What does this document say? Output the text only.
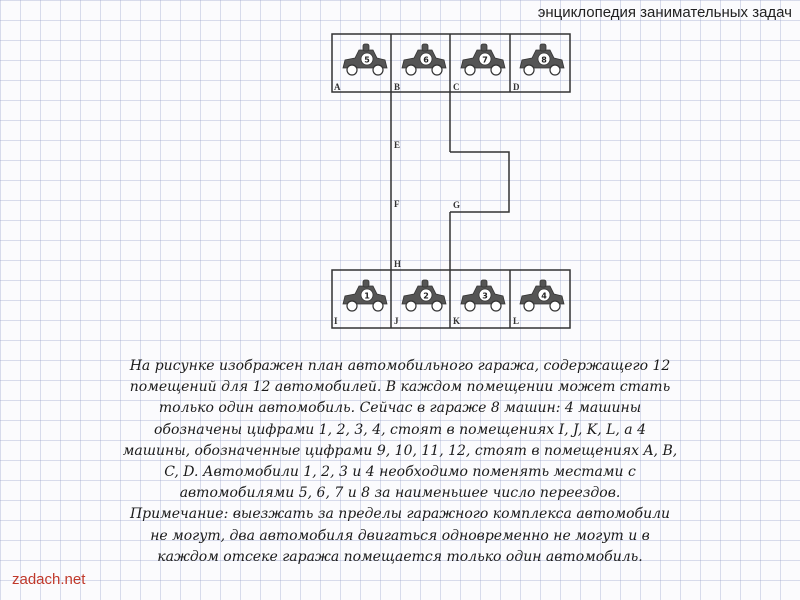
энциклопедия занимательных задач
A	B	C	D
E
F	G
H
I	J	K	L
5	6	7	8
1	2	3	4

На рисунке изображен план автомобильного гаража, содержащего 12 помещений для 12 автомобилей. В каждом помещении может стать только один автомобиль. Сейчас в гараже 8 машин: 4 машины обозначены цифрами 1, 2, 3, 4, стоят в помещениях I, J, K, L, а 4 машины, обозначенные цифрами 9, 10, 11, 12, стоят в помещениях A, B, C, D. Автомобили 1, 2, 3 и 4 необходимо поменять местами с автомобилями 5, 6, 7 и 8 за наименьшее число переездов.

Примечание: выезжать за пределы гаражного комплекса автомобили не могут, два автомобиля двигаться одновременно не могут и в каждом отсеке гаража помещается только один автомобиль.

zadach.net
